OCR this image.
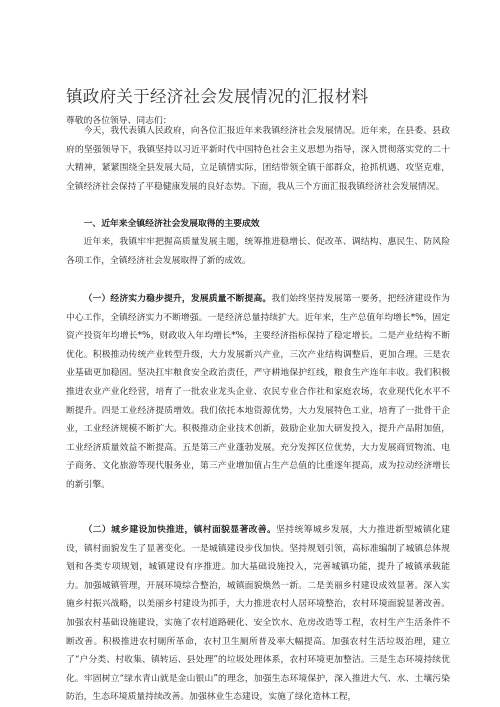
镇政府关于经济社会发展情况的汇报材料
尊敬的各位领导、同志们：
今天，我代表镇人民政府，向各位汇报近年来我镇经济社会发展情况。近年来，在县委、县政府的坚强领导下，我镇坚持以习近平新时代中国特色社会主义思想为指导，深入贯彻落实党的二十大精神，紧紧围绕全县发展大局，立足镇情实际，团结带领全镇干部群众，抢抓机遇、攻坚克难，全镇经济社会保持了平稳健康发展的良好态势。下面，我从三个方面汇报我镇经济社会发展情况。
一、近年来全镇经济社会发展取得的主要成效
近年来，我镇牢牢把握高质量发展主题，统筹推进稳增长、促改革、调结构、惠民生、防风险各项工作，全镇经济社会发展取得了新的成效。
（一）经济实力稳步提升，发展质量不断提高。我们始终坚持发展第一要务，把经济建设作为中心工作，全镇经济实力不断增强。一是经济总量持续扩大。近年来，生产总值年均增长*%，固定资产投资年均增长*%，财政收入年均增长*%，主要经济指标保持了稳定增长。二是产业结构不断优化。积极推动传统产业转型升级，大力发展新兴产业，三次产业结构调整后，更加合理。三是农业基础更加稳固。坚决扛牢粮食安全政治责任，严守耕地保护红线，粮食生产连年丰收。我们积极推进农业产业化经营，培育了一批农业龙头企业、农民专业合作社和家庭农场，农业现代化水平不断提升。四是工业经济提质增效。我们依托本地资源优势，大力发展特色工业，培育了一批骨干企业，工业经济规模不断扩大。积极推动企业技术创新，鼓励企业加大研发投入，提升产品附加值，工业经济质量效益不断提高。五是第三产业蓬勃发展。充分发挥区位优势，大力发展商贸物流、电子商务、文化旅游等现代服务业，第三产业增加值占生产总值的比重逐年提高，成为拉动经济增长的新引擎。
（二）城乡建设加快推进，镇村面貌显著改善。坚持统筹城乡发展，大力推进新型城镇化建设，镇村面貌发生了显著变化。一是城镇建设步伐加快。坚持规划引领，高标准编制了城镇总体规划和各类专项规划，城镇建设有序推进。加大基础设施投入，完善城镇功能，提升了城镇承载能力。加强城镇管理，开展环境综合整治，城镇面貌焕然一新。二是美丽乡村建设成效显著。深入实施乡村振兴战略，以美丽乡村建设为抓手，大力推进农村人居环境整治，农村环境面貌显著改善。加强农村基础设施建设，实施了农村道路硬化、安全饮水、危房改造等工程，农村生产生活条件不断改善。积极推进农村厕所革命，农村卫生厕所普及率大幅提高。加强农村生活垃圾治理，建立了“户分类、村收集、镇转运、县处理”的垃圾处理体系，农村环境更加整洁。三是生态环境持续优化。牢固树立“绿水青山就是金山银山”的理念，加强生态环境保护，深入推进大气、水、土壤污染防治，生态环境质量持续改善。加强林业生态建设，实施了绿化造林工程，
